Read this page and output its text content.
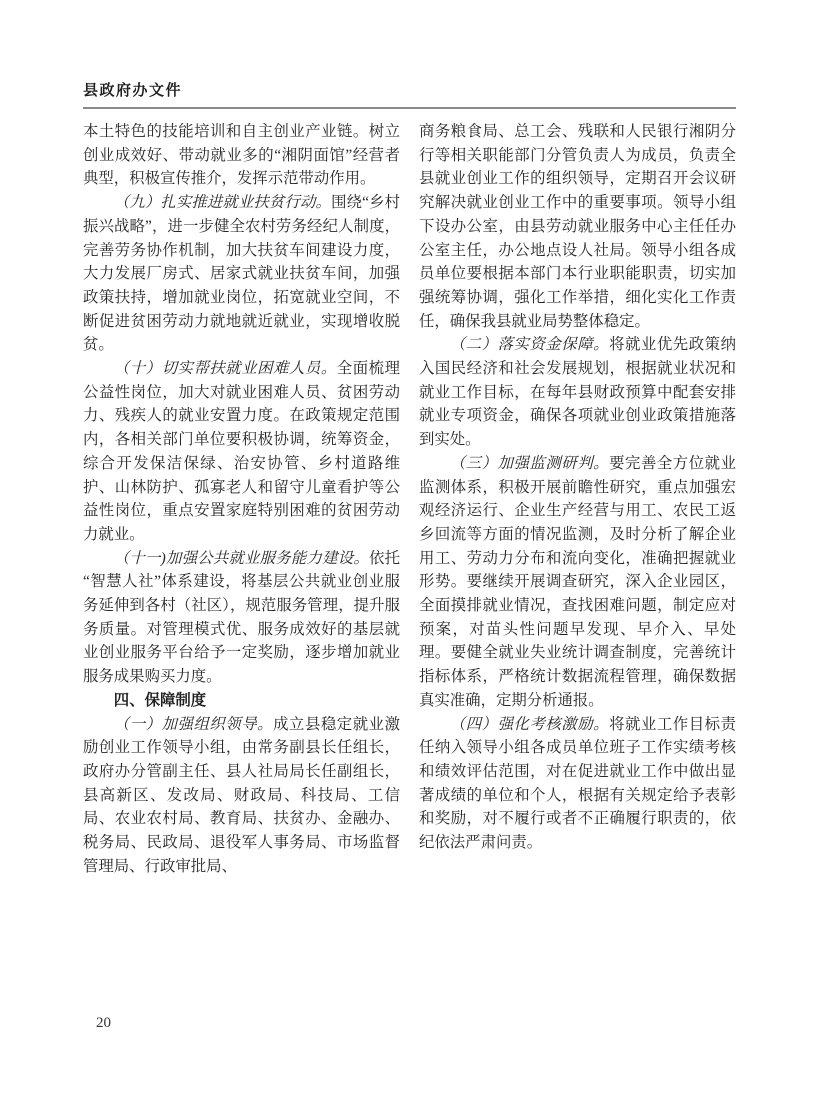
县政府办文件

本土特色的技能培训和自主创业产业链。树立创业成效好、带动就业多的“湘阴面馆”经营者典型，积极宣传推介，发挥示范带动作用。

（九）扎实推进就业扶贫行动。围绕“乡村振兴战略”，进一步健全农村劳务经纪人制度，完善劳务协作机制，加大扶贫车间建设力度，大力发展厂房式、居家式就业扶贫车间，加强政策扶持，增加就业岗位，拓宽就业空间，不断促进贫困劳动力就地就近就业，实现增收脱贫。

（十）切实帮扶就业困难人员。全面梳理公益性岗位，加大对就业困难人员、贫困劳动力、残疾人的就业安置力度。在政策规定范围内，各相关部门单位要积极协调，统筹资金，综合开发保洁保绿、治安协管、乡村道路维护、山林防护、孤寡老人和留守儿童看护等公益性岗位，重点安置家庭特别困难的贫困劳动力就业。

（十一)加强公共就业服务能力建设。依托“智慧人社”体系建设，将基层公共就业创业服务延伸到各村（社区），规范服务管理，提升服务质量。对管理模式优、服务成效好的基层就业创业服务平台给予一定奖励，逐步增加就业服务成果购买力度。

四、保障制度

（一）加强组织领导。成立县稳定就业激励创业工作领导小组，由常务副县长任组长，政府办分管副主任、县人社局局长任副组长，县高新区、发改局、财政局、科技局、工信局、农业农村局、教育局、扶贫办、金融办、税务局、民政局、退役军人事务局、市场监督管理局、行政审批局、

商务粮食局、总工会、残联和人民银行湘阴分行等相关职能部门分管负责人为成员，负责全县就业创业工作的组织领导，定期召开会议研究解决就业创业工作中的重要事项。领导小组下设办公室，由县劳动就业服务中心主任任办公室主任，办公地点设人社局。领导小组各成员单位要根据本部门本行业职能职责，切实加强统筹协调，强化工作举措，细化实化工作责任，确保我县就业局势整体稳定。

（二）落实资金保障。将就业优先政策纳入国民经济和社会发展规划，根据就业状况和就业工作目标，在每年县财政预算中配套安排就业专项资金，确保各项就业创业政策措施落到实处。

（三）加强监测研判。要完善全方位就业监测体系，积极开展前瞻性研究，重点加强宏观经济运行、企业生产经营与用工、农民工返乡回流等方面的情况监测，及时分析了解企业用工、劳动力分布和流向变化，准确把握就业形势。要继续开展调查研究，深入企业园区，全面摸排就业情况，查找困难问题，制定应对预案，对苗头性问题早发现、早介入、早处理。要健全就业失业统计调查制度，完善统计指标体系，严格统计数据流程管理，确保数据真实准确，定期分析通报。

（四）强化考核激励。将就业工作目标责任纳入领导小组各成员单位班子工作实绩考核和绩效评估范围，对在促进就业工作中做出显著成绩的单位和个人，根据有关规定给予表彰和奖励，对不履行或者不正确履行职责的，依纪依法严肃问责。

20
